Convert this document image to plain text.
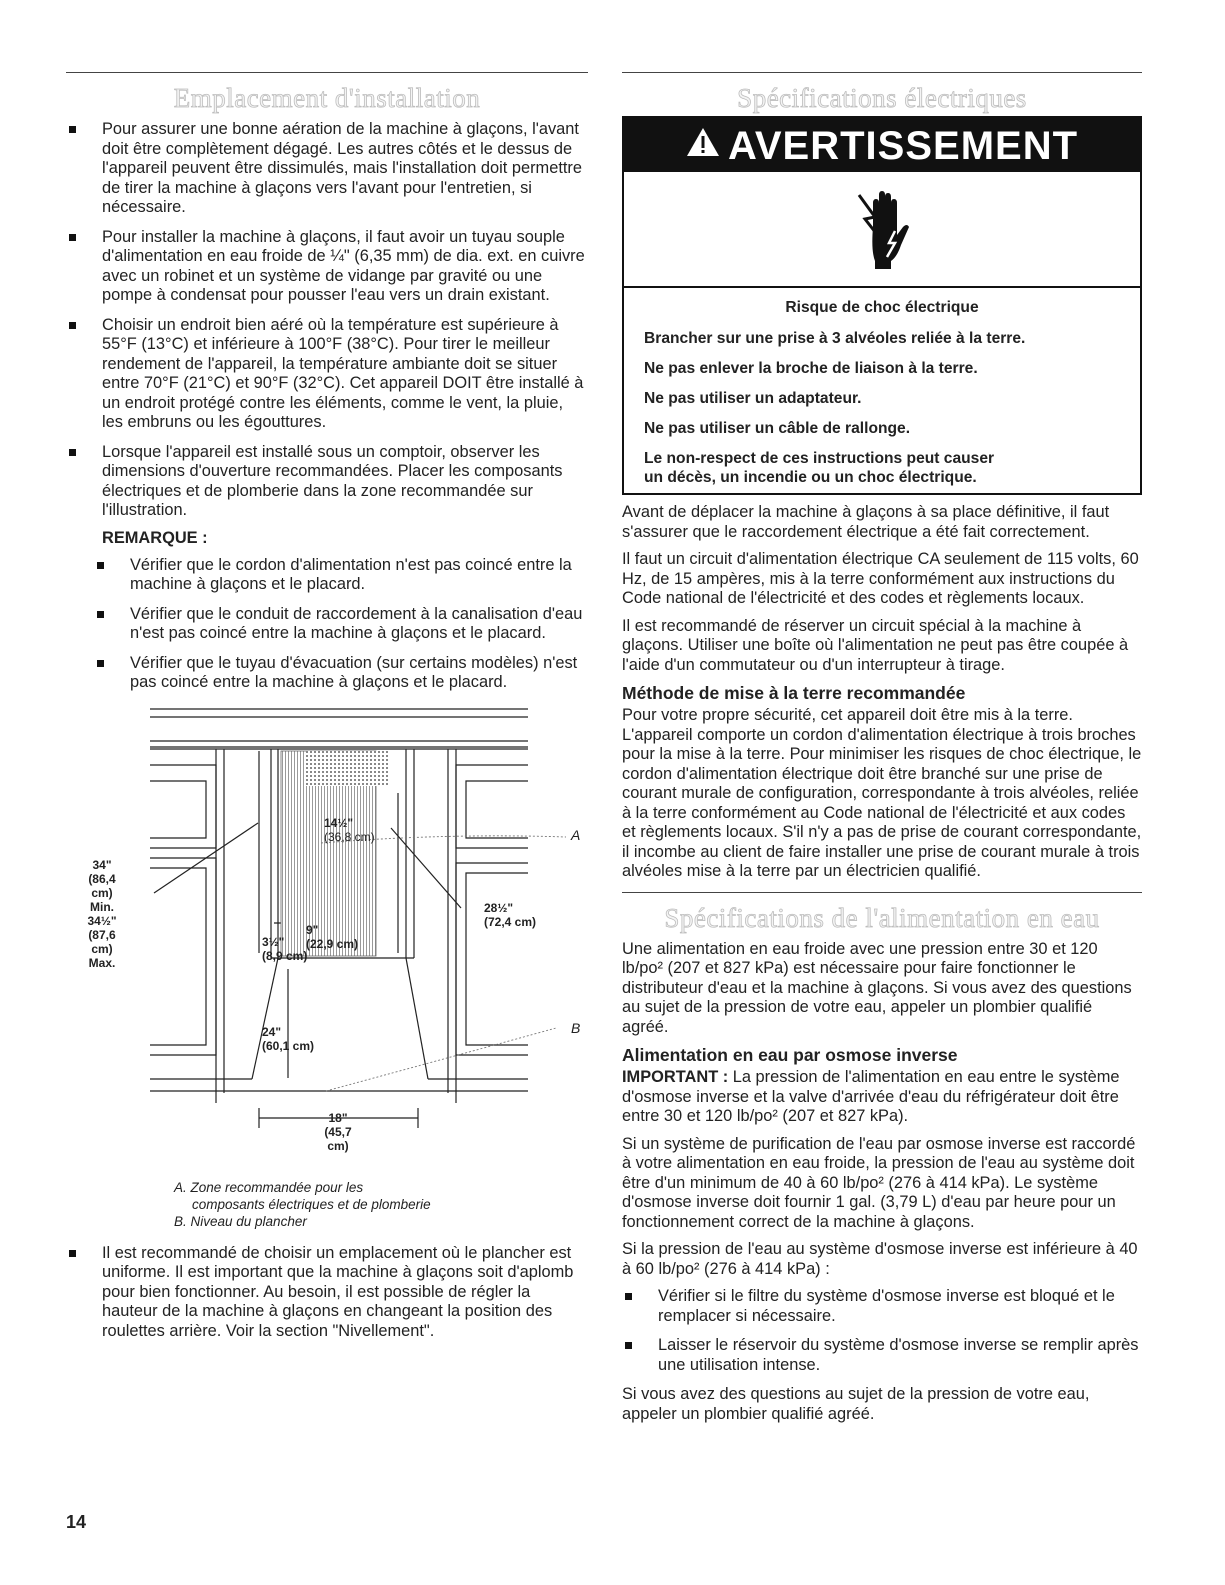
Emplacement d'installation
Pour assurer une bonne aération de la machine à glaçons, l'avant doit être complètement dégagé. Les autres côtés et le dessus de l'appareil peuvent être dissimulés, mais l'installation doit permettre de tirer la machine à glaçons vers l'avant pour l'entretien, si nécessaire.
Pour installer la machine à glaçons, il faut avoir un tuyau souple d'alimentation en eau froide de ¼" (6,35 mm) de dia. ext. en cuivre avec un robinet et un système de vidange par gravité ou une pompe à condensat pour pousser l'eau vers un drain existant.
Choisir un endroit bien aéré où la température est supérieure à 55°F (13°C) et inférieure à 100°F (38°C). Pour tirer le meilleur rendement de l'appareil, la température ambiante doit se situer entre 70°F (21°C) et 90°F (32°C). Cet appareil DOIT être installé à un endroit protégé contre les éléments, comme le vent, la pluie, les embruns ou les égouttures.
Lorsque l'appareil est installé sous un comptoir, observer les dimensions d'ouverture recommandées. Placer les composants électriques et de plomberie dans la zone recommandée sur l'illustration.
REMARQUE :
Vérifier que le cordon d'alimentation n'est pas coincé entre la machine à glaçons et le placard.
Vérifier que le conduit de raccordement à la canalisation d'eau n'est pas coincé entre la machine à glaçons et le placard.
Vérifier que le tuyau d'évacuation (sur certains modèles) n'est pas coincé entre la machine à glaçons et le placard.
34"
(86,4 cm)
Min.
34½"
(87,6 cm)
Max.
14½"
(36,8 cm)
28½"
(72,4 cm)
3½"
(8,9 cm)
9"
(22,9 cm)
24"
(60,1 cm)
18"
(45,7 cm)
A
B
A. Zone recommandée pour les
composants électriques et de plomberie
B. Niveau du plancher
Il est recommandé de choisir un emplacement où le plancher est uniforme. Il est important que la machine à glaçons soit d'aplomb pour bien fonctionner. Au besoin, il est possible de régler la hauteur de la machine à glaçons en changeant la position des roulettes arrière. Voir la section "Nivellement".
14
Spécifications électriques
AVERTISSEMENT
Risque de choc électrique
Brancher sur une prise à 3 alvéoles reliée à la terre.
Ne pas enlever la broche de liaison à la terre.
Ne pas utiliser un adaptateur.
Ne pas utiliser un câble de rallonge.
Le non-respect de ces instructions peut causer
un décès, un incendie ou un choc électrique.

Avant de déplacer la machine à glaçons à sa place définitive, il faut s'assurer que le raccordement électrique a été fait correctement.

Il faut un circuit d'alimentation électrique CA seulement de 115 volts, 60 Hz, de 15 ampères, mis à la terre conformément aux instructions du Code national de l'électricité et des codes et règlements locaux.

Il est recommandé de réserver un circuit spécial à la machine à glaçons. Utiliser une boîte où l'alimentation ne peut pas être coupée à l'aide d'un commutateur ou d'un interrupteur à tirage.

Méthode de mise à la terre recommandée

Pour votre propre sécurité, cet appareil doit être mis à la terre. L'appareil comporte un cordon d'alimentation électrique à trois broches pour la mise à la terre. Pour minimiser les risques de choc électrique, le cordon d'alimentation électrique doit être branché sur une prise de courant murale de configuration, correspondante à trois alvéoles, reliée à la terre conformément au Code national de l'électricité et aux codes et règlements locaux. S'il n'y a pas de prise de courant correspondante, il incombe au client de faire installer une prise de courant murale à trois alvéoles mise à la terre par un électricien qualifié.

Spécifications de l'alimentation en eau

Une alimentation en eau froide avec une pression entre 30 et 120 lb/po² (207 et 827 kPa) est nécessaire pour faire fonctionner le distributeur d'eau et la machine à glaçons. Si vous avez des questions au sujet de la pression de votre eau, appeler un plombier qualifié agréé.

Alimentation en eau par osmose inverse

IMPORTANT : La pression de l'alimentation en eau entre le système d'osmose inverse et la valve d'arrivée d'eau du réfrigérateur doit être entre 30 et 120 lb/po² (207 et 827 kPa).

Si un système de purification de l'eau par osmose inverse est raccordé à votre alimentation en eau froide, la pression de l'eau au système doit être d'un minimum de 40 à 60 lb/po² (276 à 414 kPa). Le système d'osmose inverse doit fournir 1 gal. (3,79 L) d'eau par heure pour un fonctionnement correct de la machine à glaçons.

Si la pression de l'eau au système d'osmose inverse est inférieure à 40 à 60 lb/po² (276 à 414 kPa) :

Vérifier si le filtre du système d'osmose inverse est bloqué et le remplacer si nécessaire.
Laisser le réservoir du système d'osmose inverse se remplir après une utilisation intense.

Si vous avez des questions au sujet de la pression de votre eau, appeler un plombier qualifié agréé.
